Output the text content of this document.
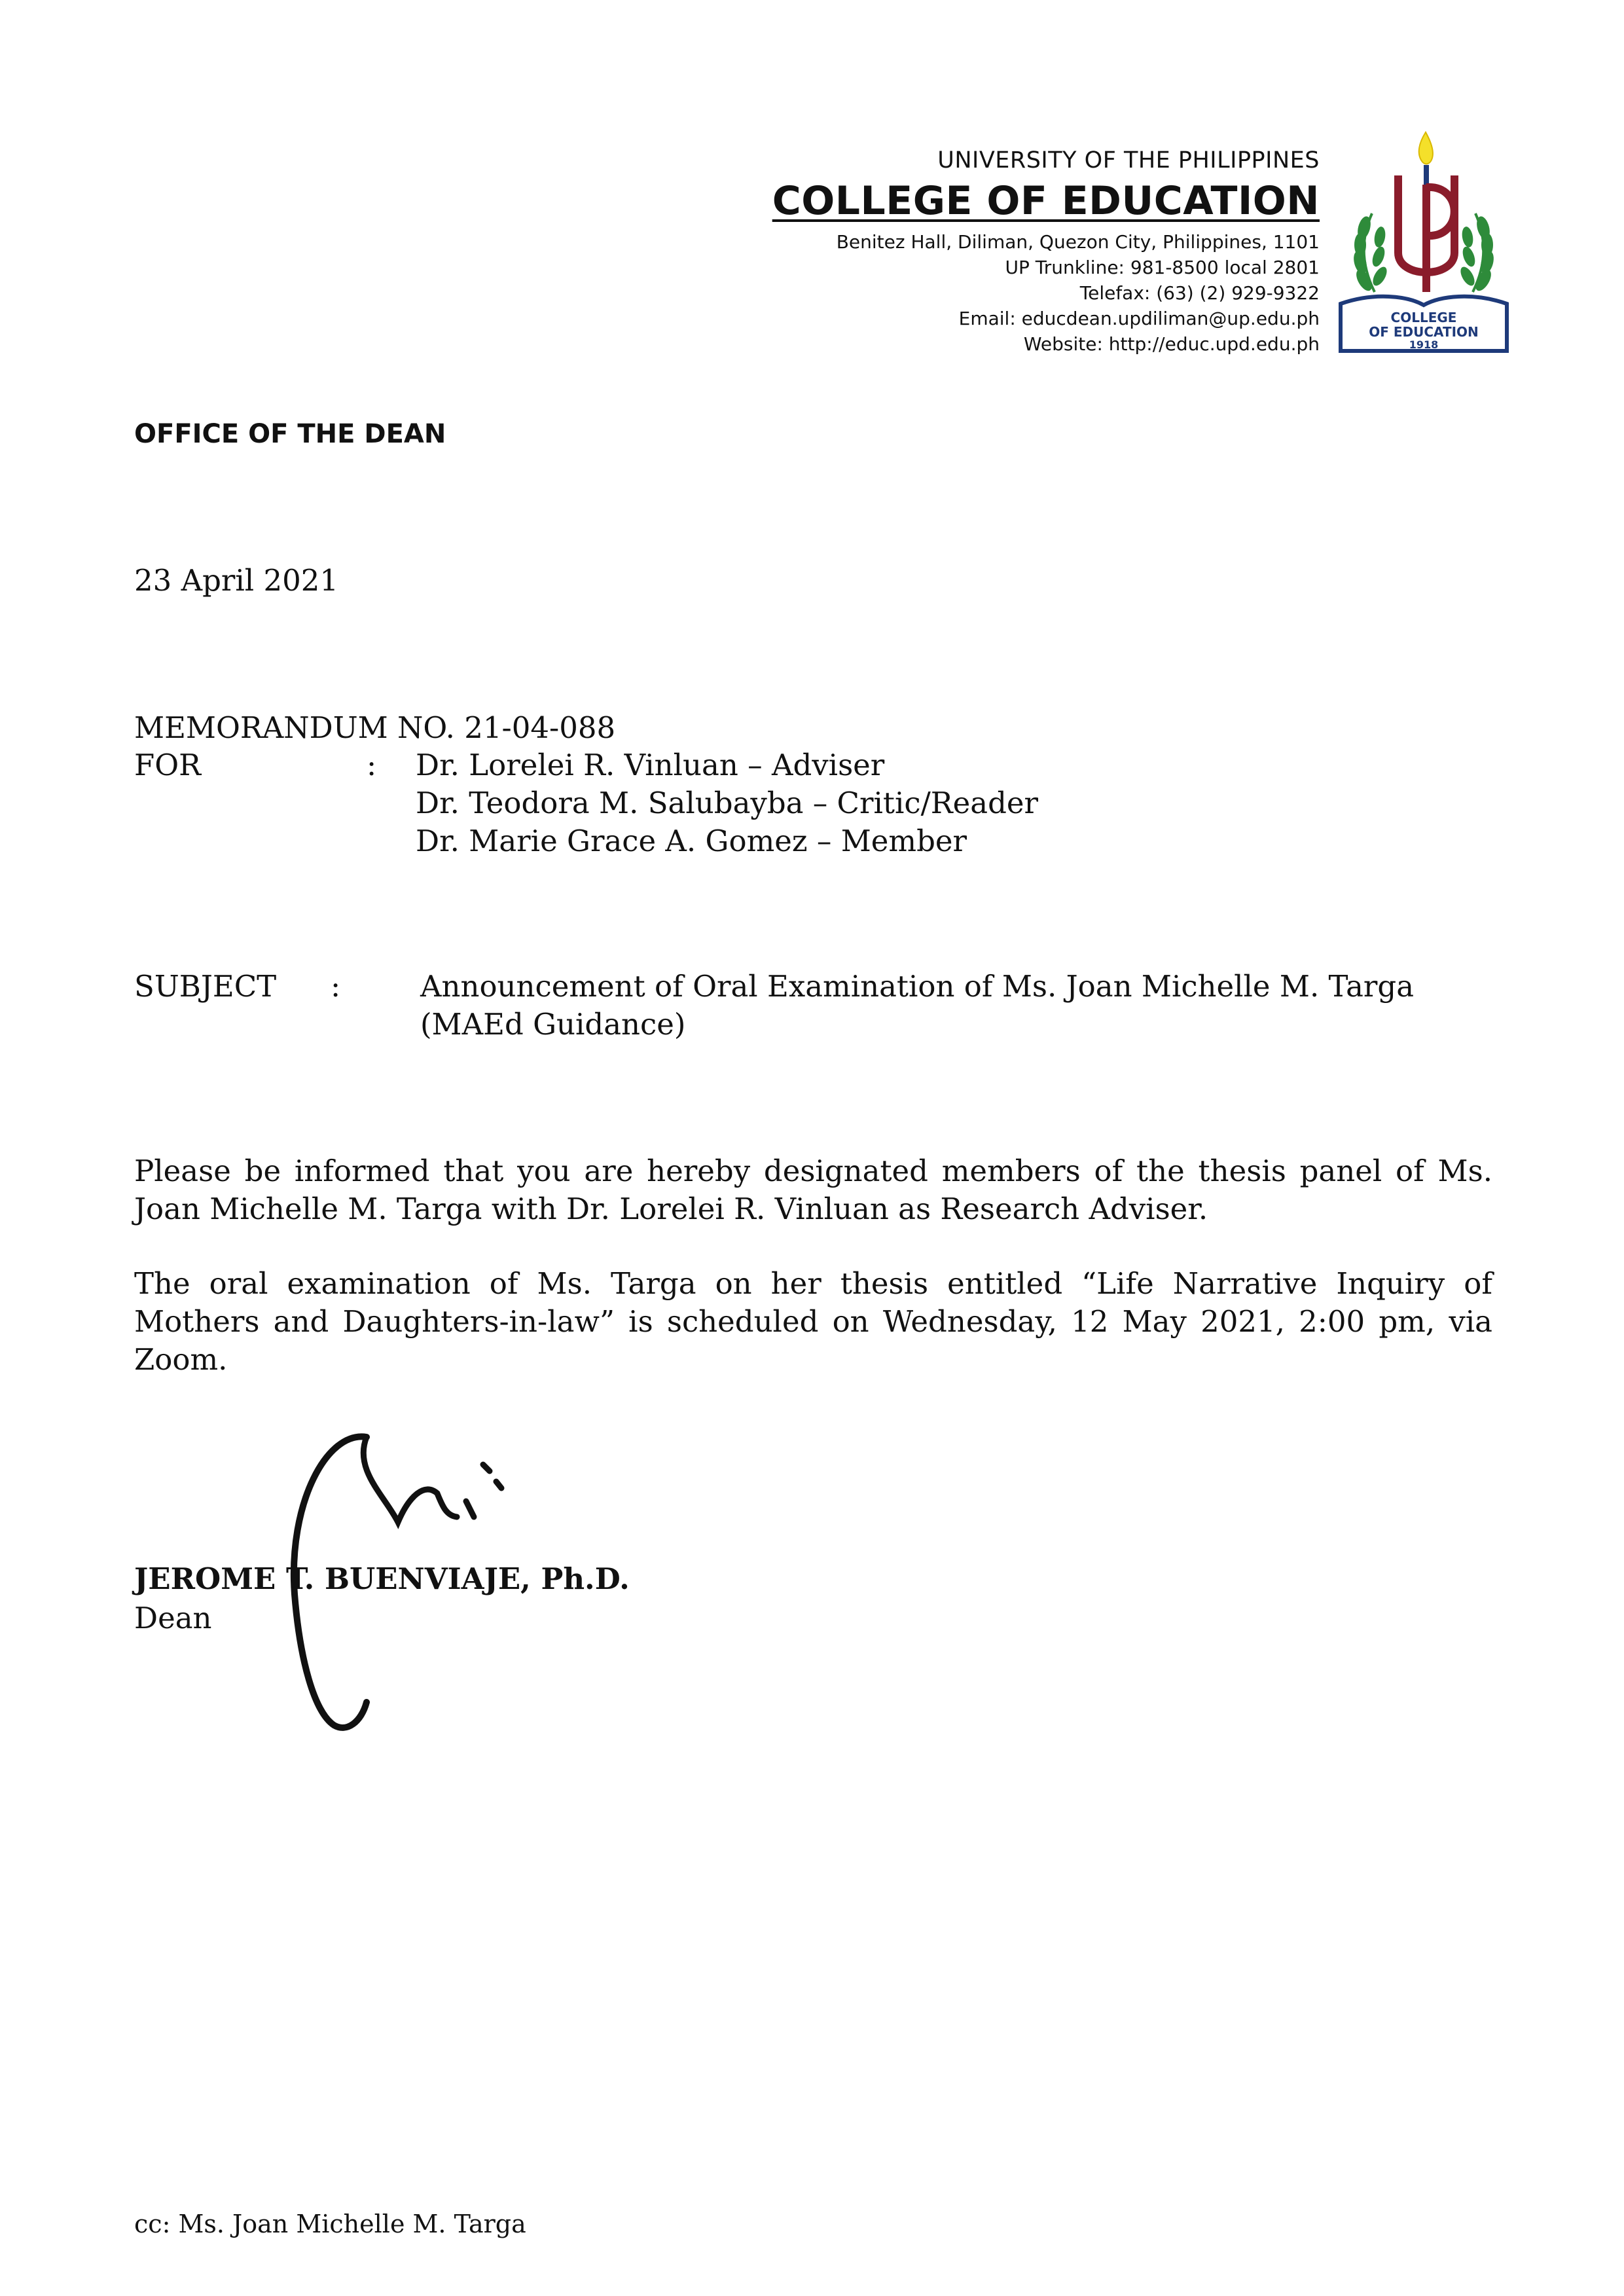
UNIVERSITY OF THE PHILIPPINES
COLLEGE OF EDUCATION
Benitez Hall, Diliman, Quezon City, Philippines, 1101
UP Trunkline: 981-8500 local 2801
Telefax: (63) (2) 929-9322
Email: educdean.updiliman@up.edu.ph
Website: http://educ.upd.edu.ph
COLLEGE
OF EDUCATION
1918
OFFICE OF THE DEAN
23 April 2021
MEMORANDUM NO. 21-04-088
FOR	: Dr. Lorelei R. Vinluan – Adviser
Dr. Teodora M. Salubayba – Critic/Reader
Dr. Marie Grace A. Gomez – Member
SUBJECT :	Announcement of Oral Examination of Ms. Joan Michelle M. Targa
(MAEd Guidance)
Please be informed that you are hereby designated members of the thesis panel of Ms. Joan Michelle M. Targa with Dr. Lorelei R. Vinluan as Research Adviser.
The oral examination of Ms. Targa on her thesis entitled “Life Narrative Inquiry of Mothers and Daughters-in-law” is scheduled on Wednesday, 12 May 2021, 2:00 pm, via Zoom.
JEROME T. BUENVIAJE, Ph.D.
Dean
cc: Ms. Joan Michelle M. Targa
